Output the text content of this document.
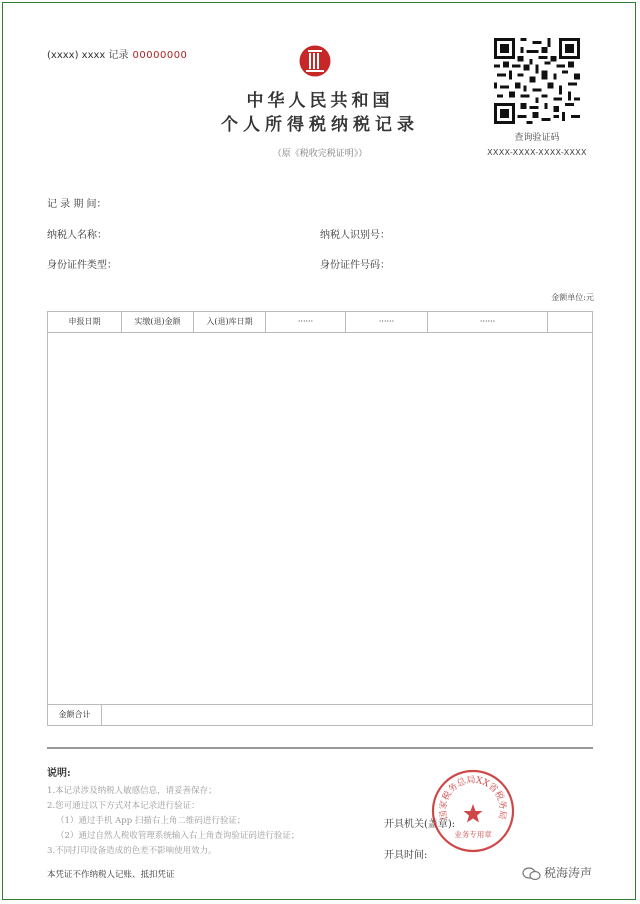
(xxxx) xxxx 记录 00000000
中华人民共和国
个人所得税纳税记录
（原《税收完税证明》）
查询验证码
XXXX-XXXX-XXXX-XXXX
记 录 期 间：
纳税人名称：	纳税人识别号：
身份证件类型：	身份证件号码：
金额单位:元
申报日期	实缴(退)金额	入(退)库日期	······	······	······
金额合计
说明:
1.本记录涉及纳税人敏感信息，请妥善保存；
2.您可通过以下方式对本记录进行验证：
（1）通过手机 App 扫描右上角二维码进行验证；
（2）通过自然人税收管理系统输入右上角查询验证码进行验证；
3.不同打印设备造成的色差不影响使用效力。
本凭证不作纳税人记账、抵扣凭证
开具机关(盖章):
开具时间:
国家税务总局XX省税务局
业务专用章
税海涛声
